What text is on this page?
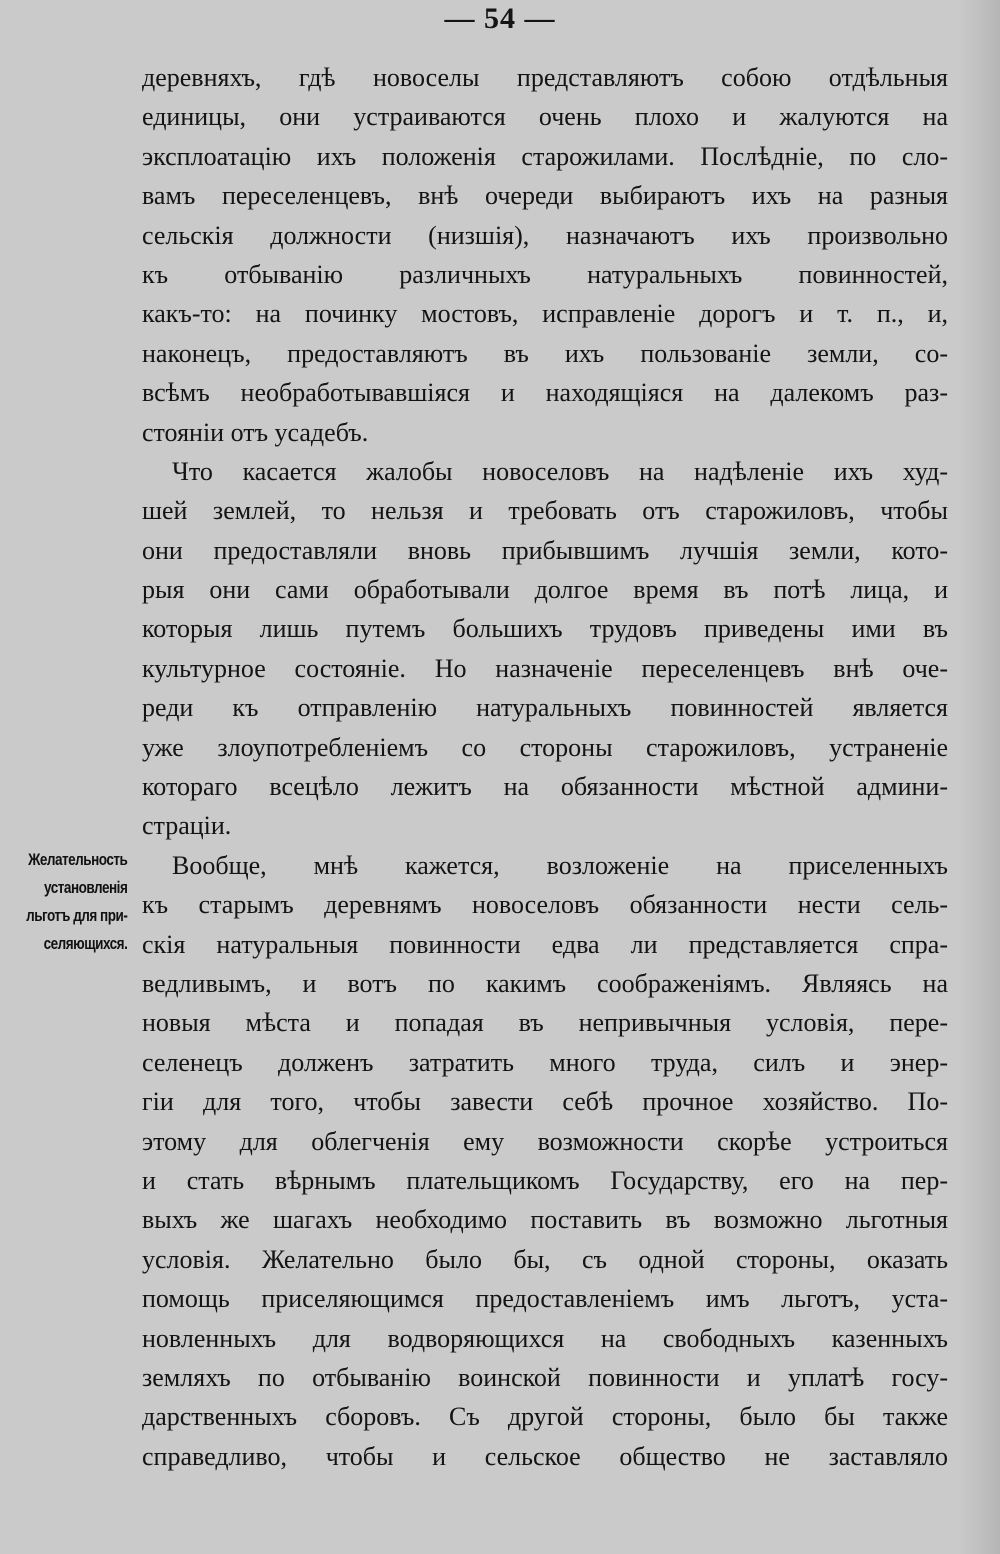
— 54 —
Желательность
установленія
льготъ для при-
селяющихся.
деревняхъ, гдѣ новоселы представляютъ собою отдѣльныя
единицы, они устраиваются очень плохо и жалуются на
эксплоатацію ихъ положенія старожилами. Послѣдніе, по сло-
вамъ переселенцевъ, внѣ очереди выбираютъ ихъ на разныя
сельскія должности (низшія), назначаютъ ихъ произвольно
къ отбыванію различныхъ натуральныхъ повинностей,
какъ-то: на починку мостовъ, исправленіе дорогъ и т. п., и,
наконецъ, предоставляютъ въ ихъ пользованіе земли, со-
всѣмъ необработывавшіяся и находящіяся на далекомъ раз-
стояніи отъ усадебъ.
Что касается жалобы новоселовъ на надѣленіе ихъ худ-
шей землей, то нельзя и требовать отъ старожиловъ, чтобы
они предоставляли вновь прибывшимъ лучшія земли, кото-
рыя они сами обработывали долгое время въ потѣ лица, и
которыя лишь путемъ большихъ трудовъ приведены ими въ
культурное состояніе. Но назначеніе переселенцевъ внѣ оче-
реди къ отправленію натуральныхъ повинностей является
уже злоупотребленіемъ со стороны старожиловъ, устраненіе
котораго всецѣло лежитъ на обязанности мѣстной админи-
страціи.
Вообще, мнѣ кажется, возложеніе на приселенныхъ
къ старымъ деревнямъ новоселовъ обязанности нести сель-
скія натуральныя повинности едва ли представляется спра-
ведливымъ, и вотъ по какимъ соображеніямъ. Являясь на
новыя мѣста и попадая въ непривычныя условія, пере-
селенецъ долженъ затратить много труда, силъ и энер-
гіи для того, чтобы завести себѣ прочное хозяйство. По-
этому для облегченія ему возможности скорѣе устроиться
и стать вѣрнымъ плательщикомъ Государству, его на пер-
выхъ же шагахъ необходимо поставить въ возможно льготныя
условія. Желательно было бы, съ одной стороны, оказать
помощь приселяющимся предоставленіемъ имъ льготъ, уста-
новленныхъ для водворяющихся на свободныхъ казенныхъ
земляхъ по отбыванію воинской повинности и уплатѣ госу-
дарственныхъ сборовъ. Съ другой стороны, было бы также
справедливо, чтобы и сельское общество не заставляло
